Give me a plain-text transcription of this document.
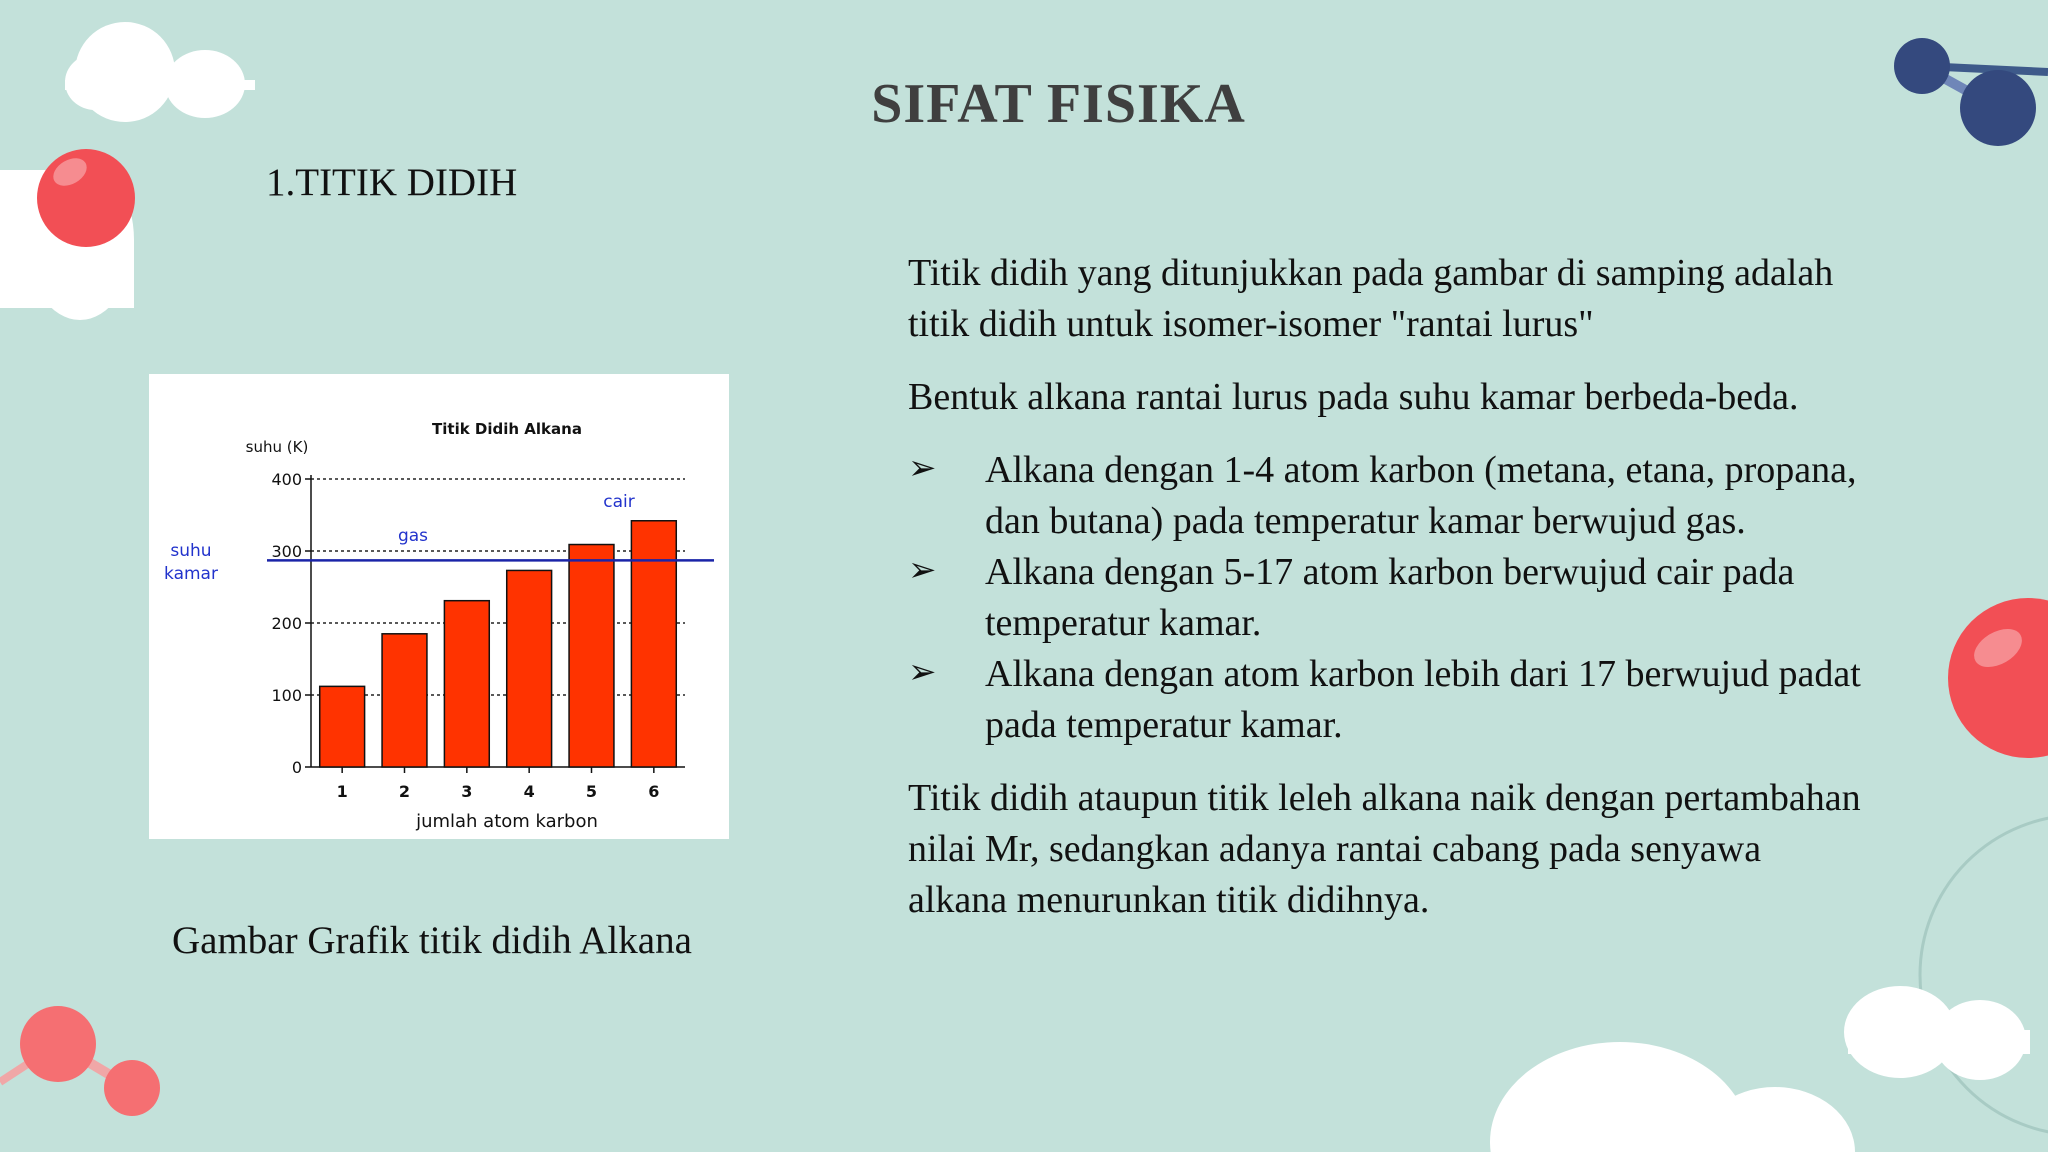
SIFAT FISIKA
1.TITIK DIDIH
Titik Didih Alkana
suhu (K)
jumlah atom karbon
gas
cair
suhu
kamar
0
100
200
300
400
1	2	3	4	5	6
Gambar Grafik titik didih Alkana

Titik didih yang ditunjukkan pada gambar di samping adalah titik didih untuk isomer-isomer "rantai lurus"

Bentuk alkana rantai lurus pada suhu kamar berbeda-beda.

➢ Alkana dengan 1-4 atom karbon (metana, etana, propana, dan butana) pada temperatur kamar berwujud gas.
➢ Alkana dengan 5-17 atom karbon berwujud cair pada temperatur kamar.
➢ Alkana dengan atom karbon lebih dari 17 berwujud padat pada temperatur kamar.

Titik didih ataupun titik leleh alkana naik dengan pertambahan nilai Mr, sedangkan adanya rantai cabang pada senyawa alkana menurunkan titik didihnya.
